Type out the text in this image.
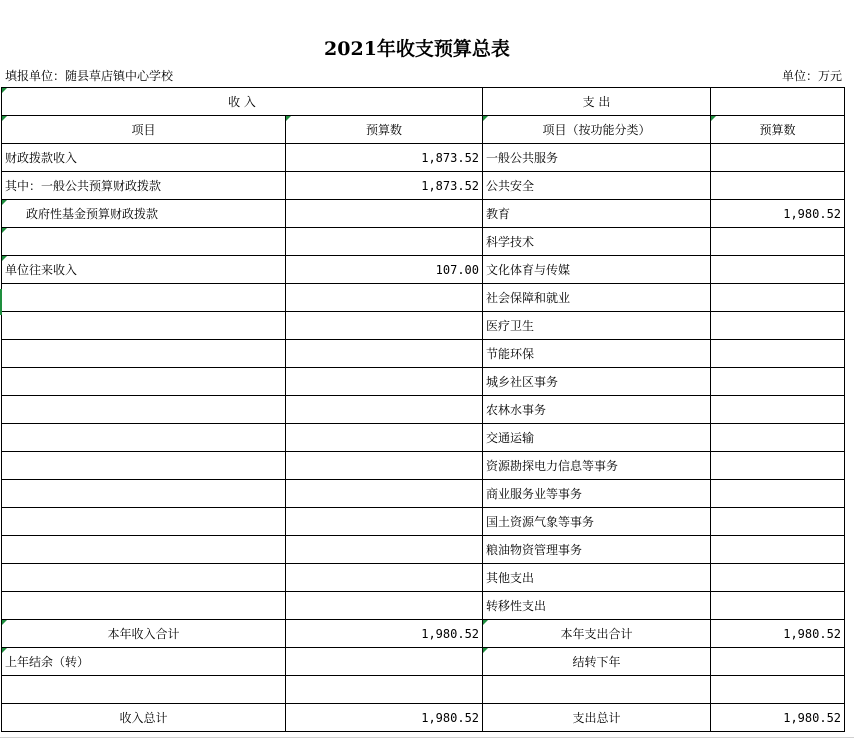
2021年收支预算总表
填报单位：随县草店镇中心学校	单位：万元
收 入		支 出	
项目	预算数	项目（按功能分类）	预算数
财政拨款收入	1,873.52	一般公共服务	
其中：一般公共预算财政拨款	1,873.52	公共安全	
政府性基金预算财政拨款		教育	1,980.52
		科学技术	
单位往来收入	107.00	文化体育与传媒	
		社会保障和就业	
		医疗卫生	
		节能环保	
		城乡社区事务	
		农林水事务	
		交通运输	
		资源勘探电力信息等事务	
		商业服务业等事务	
		国土资源气象等事务	
		粮油物资管理事务	
		其他支出	
		转移性支出	
本年收入合计	1,980.52	本年支出合计	1,980.52
上年结余（转）		结转下年	

收入总计	1,980.52	支出总计	1,980.52
